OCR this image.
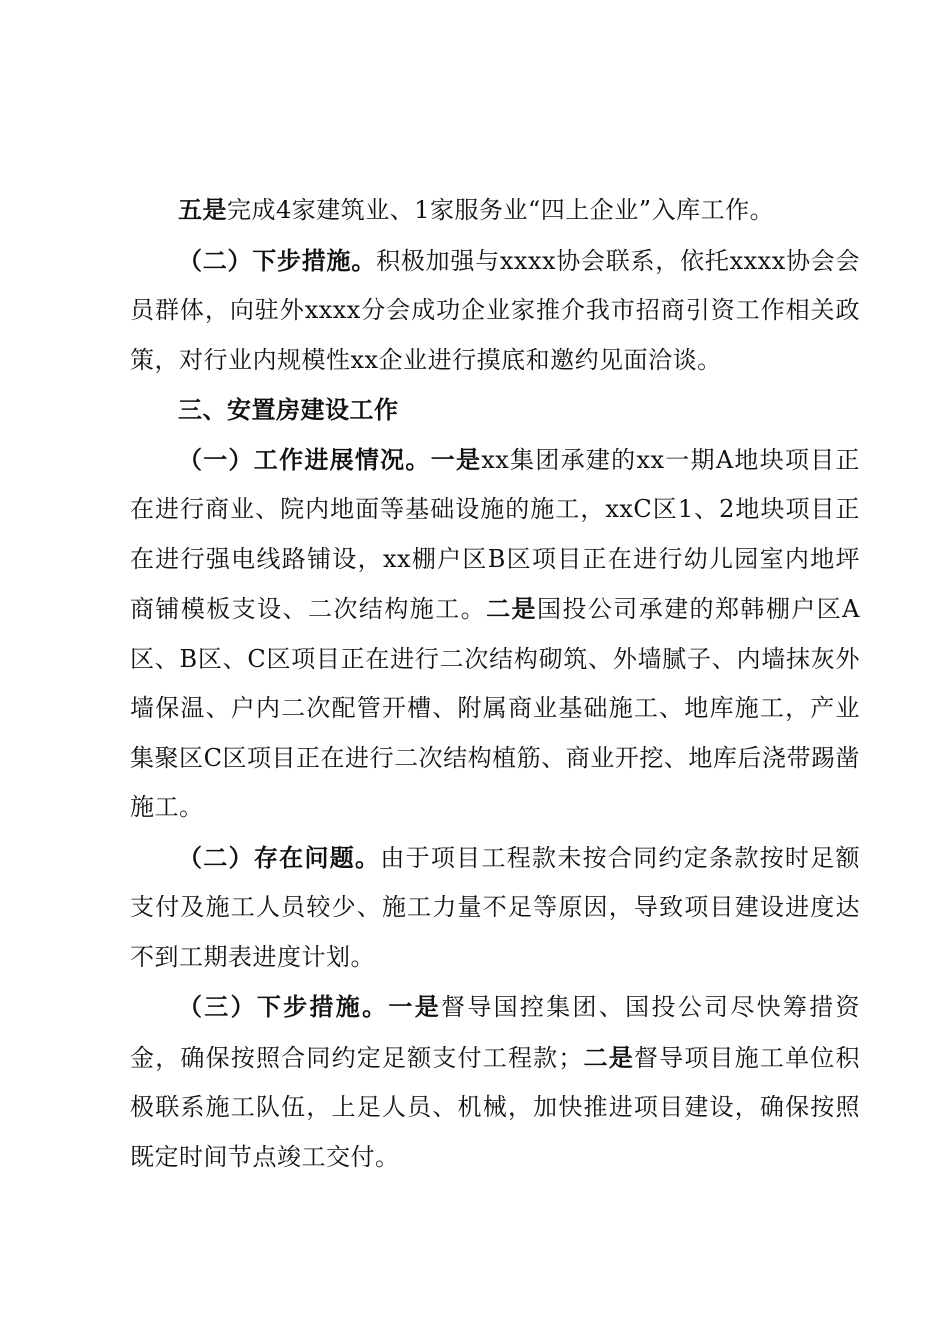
五是完成4家建筑业、1家服务业“四上企业”入库工作。

（二）下步措施。积极加强与xxxx协会联系，依托xxxx协会会员群体，向驻外xxxx分会成功企业家推介我市招商引资工作相关政策，对行业内规模性xx企业进行摸底和邀约见面洽谈。

三、安置房建设工作

（一）工作进展情况。一是xx集团承建的xx一期A地块项目正在进行商业、院内地面等基础设施的施工，xxC区1、2地块项目正在进行强电线路铺设，xx棚户区B区项目正在进行幼儿园室内地坪商铺模板支设、二次结构施工。二是国投公司承建的郑韩棚户区A区、B区、C区项目正在进行二次结构砌筑、外墙腻子、内墙抹灰外墙保温、户内二次配管开槽、附属商业基础施工、地库施工，产业集聚区C区项目正在进行二次结构植筋、商业开挖、地库后浇带踢凿施工。

（二）存在问题。由于项目工程款未按合同约定条款按时足额支付及施工人员较少、施工力量不足等原因，导致项目建设进度达不到工期表进度计划。

（三）下步措施。一是督导国控集团、国投公司尽快筹措资金，确保按照合同约定足额支付工程款；二是督导项目施工单位积极联系施工队伍，上足人员、机械，加快推进项目建设，确保按照既定时间节点竣工交付。
